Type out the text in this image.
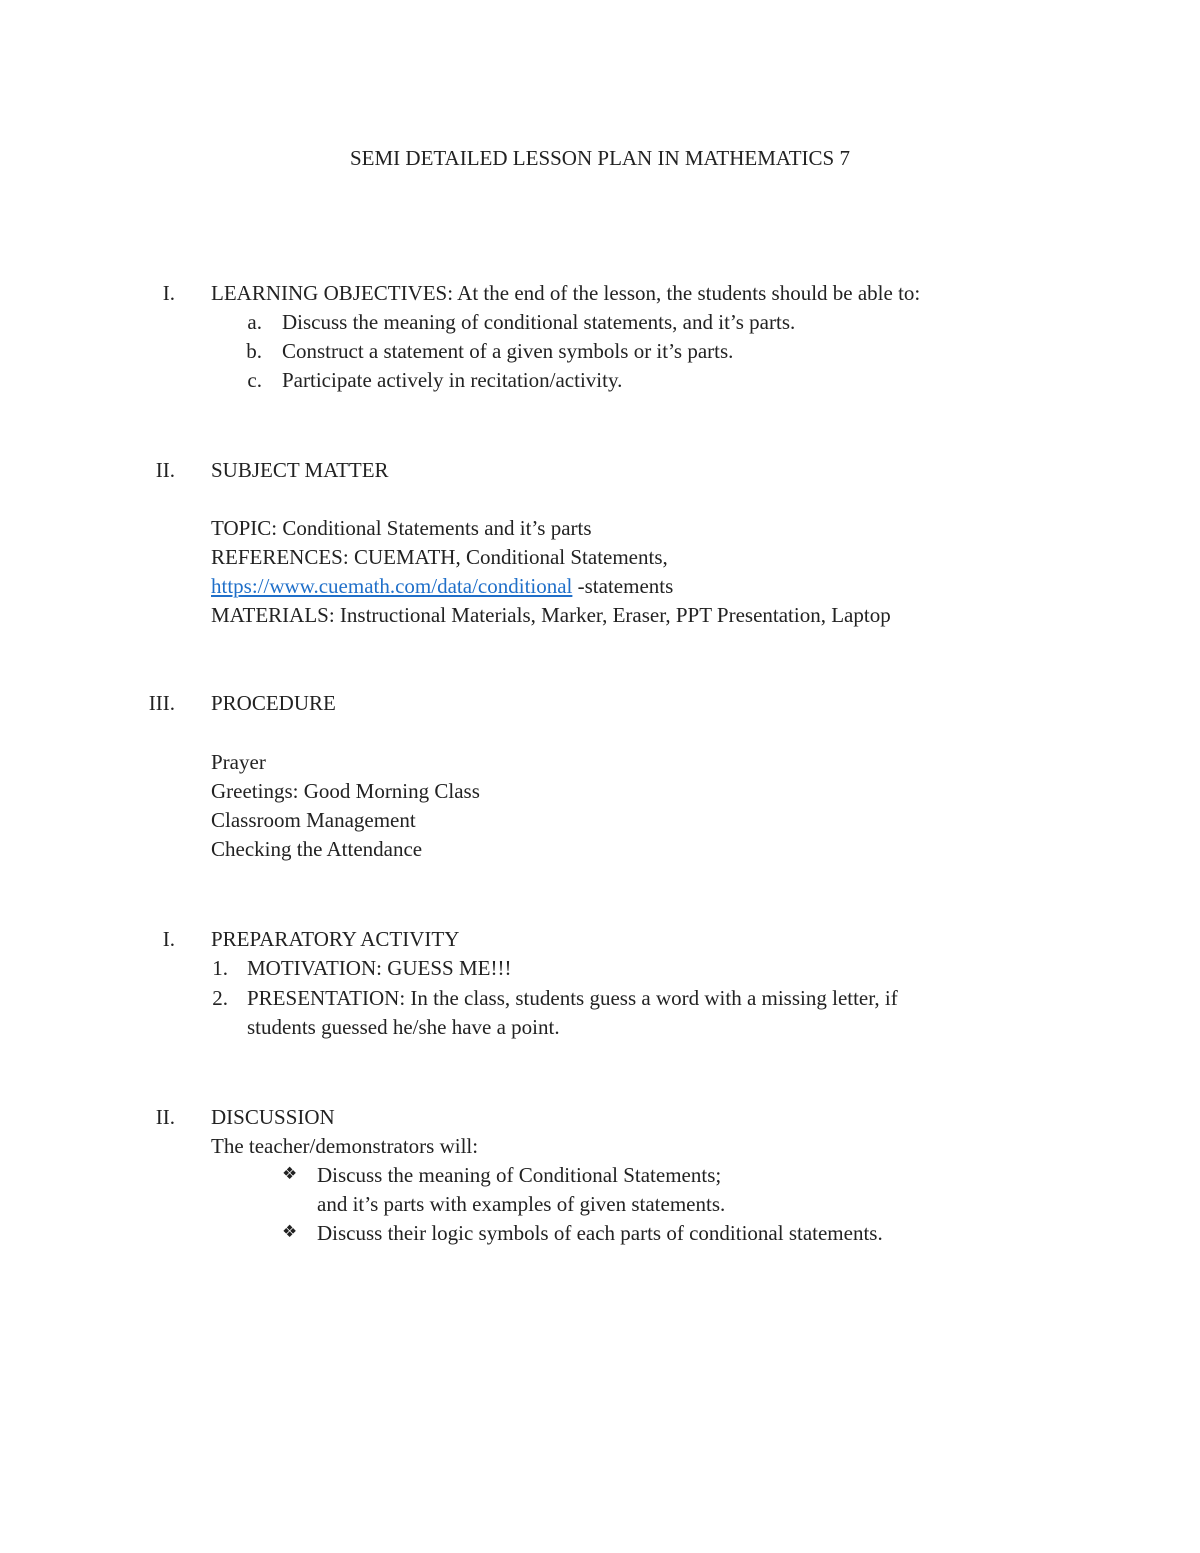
SEMI DETAILED LESSON PLAN IN MATHEMATICS 7
I. LEARNING OBJECTIVES: At the end of the lesson, the students should be able to:
a. Discuss the meaning of conditional statements, and it’s parts.
b. Construct a statement of a given symbols or it’s parts.
c. Participate actively in recitation/activity.
II. SUBJECT MATTER
TOPIC: Conditional Statements and it’s parts
REFERENCES: CUEMATH, Conditional Statements,
https://www.cuemath.com/data/conditional -statements
MATERIALS: Instructional Materials, Marker, Eraser, PPT Presentation, Laptop
III. PROCEDURE
Prayer
Greetings: Good Morning Class
Classroom Management
Checking the Attendance
I. PREPARATORY ACTIVITY
1. MOTIVATION: GUESS ME!!!
2. PRESENTATION: In the class, students guess a word with a missing letter, if
students guessed he/she have a point.
II. DISCUSSION
The teacher/demonstrators will:
❖ Discuss the meaning of Conditional Statements;
and it’s parts with examples of given statements.
❖ Discuss their logic symbols of each parts of conditional statements.
